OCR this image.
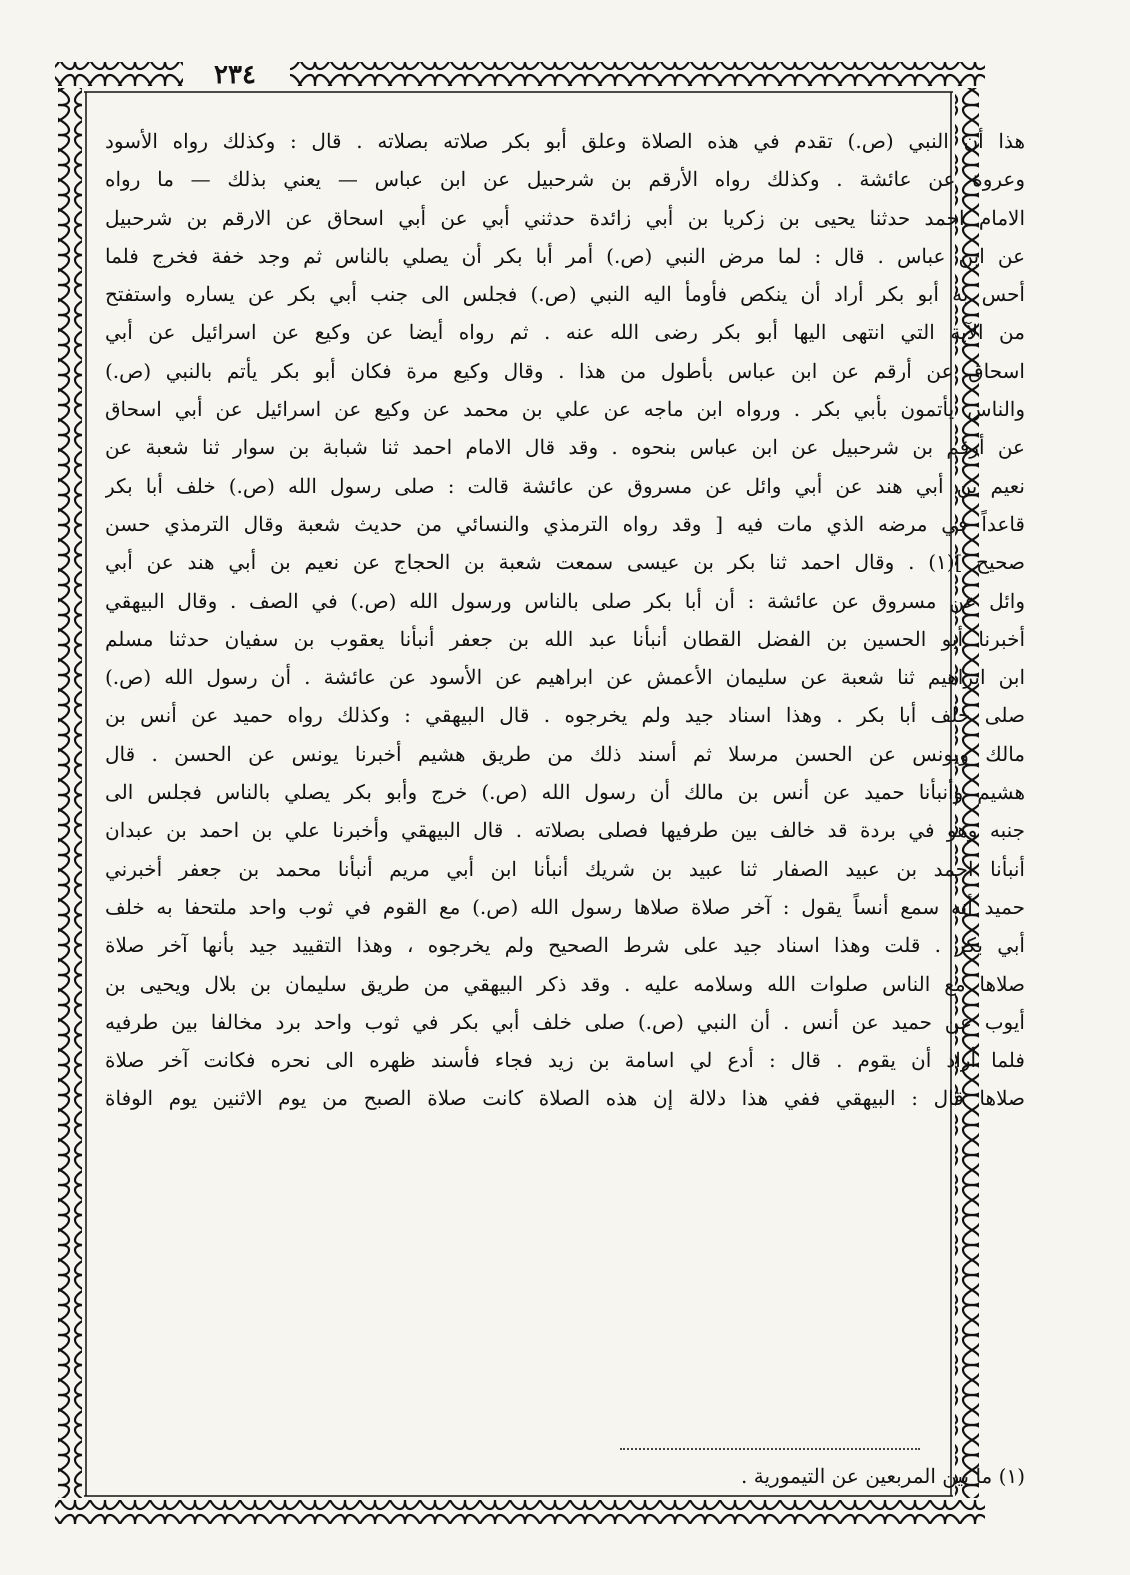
٢٣٤
هذا أن النبي (ص.) تقدم في هذه الصلاة وعلق أبو بكر صلاته بصلاته . قال : وكذلك رواه الأسود
وعروة عن عائشة . وكذلك رواه الأرقم بن شرحبيل عن ابن عباس — يعني بذلك — ما رواه
الامام احمد حدثنا يحيى بن زكريا بن أبي زائدة حدثني أبي عن أبي اسحاق عن الارقم بن شرحبيل
عن ابن عباس . قال : لما مرض النبي (ص.) أمر أبا بكر أن يصلي بالناس ثم وجد خفة فخرج فلما
أحس به أبو بكر أراد أن ينكص فأومأ اليه النبي (ص.) فجلس الى جنب أبي بكر عن يساره واستفتح
من الآية التي انتهى اليها أبو بكر رضى الله عنه . ثم رواه أيضا عن وكيع عن اسرائيل عن أبي
اسحاق عن أرقم عن ابن عباس بأطول من هذا . وقال وكيع مرة فكان أبو بكر يأتم بالنبي (ص.)
والناس يأتمون بأبي بكر . ورواه ابن ماجه عن علي بن محمد عن وكيع عن اسرائيل عن أبي اسحاق
عن أرقم بن شرحبيل عن ابن عباس بنحوه . وقد قال الامام احمد ثنا شبابة بن سوار ثنا شعبة عن
نعيم بن أبي هند عن أبي وائل عن مسروق عن عائشة قالت : صلى رسول الله (ص.) خلف أبا بكر
قاعداً في مرضه الذي مات فيه [ وقد رواه الترمذي والنسائي من حديث شعبة وقال الترمذي حسن
صحيح ](١) . وقال احمد ثنا بكر بن عيسى سمعت شعبة بن الحجاج عن نعيم بن أبي هند عن أبي
وائل عن مسروق عن عائشة : أن أبا بكر صلى بالناس ورسول الله (ص.) في الصف . وقال البيهقي
أخبرنا أبو الحسين بن الفضل القطان أنبأنا عبد الله بن جعفر أنبأنا يعقوب بن سفيان حدثنا مسلم
ابن ابراهيم ثنا شعبة عن سليمان الأعمش عن ابراهيم عن الأسود عن عائشة . أن رسول الله (ص.)
صلى خلف أبا بكر . وهذا اسناد جيد ولم يخرجوه . قال البيهقي : وكذلك رواه حميد عن أنس بن
مالك ويونس عن الحسن مرسلا ثم أسند ذلك من طريق هشيم أخبرنا يونس عن الحسن . قال
هشيم وأنبأنا حميد عن أنس بن مالك أن رسول الله (ص.) خرج وأبو بكر يصلي بالناس فجلس الى
جنبه وهو في بردة قد خالف بين طرفيها فصلى بصلاته . قال البيهقي وأخبرنا علي بن احمد بن عبدان
أنبأنا احمد بن عبيد الصفار ثنا عبيد بن شريك أنبأنا ابن أبي مريم أنبأنا محمد بن جعفر أخبرني
حميد أنه سمع أنساً يقول : آخر صلاة صلاها رسول الله (ص.) مع القوم في ثوب واحد ملتحفا به خلف
أبي بكر . قلت وهذا اسناد جيد على شرط الصحيح ولم يخرجوه ، وهذا التقييد جيد بأنها آخر صلاة
صلاها مع الناس صلوات الله وسلامه عليه . وقد ذكر البيهقي من طريق سليمان بن بلال ويحيى بن
أيوب عن حميد عن أنس . أن النبي (ص.) صلى خلف أبي بكر في ثوب واحد برد مخالفا بين طرفيه
فلما أراد أن يقوم . قال : أدع لي اسامة بن زيد فجاء فأسند ظهره الى نحره فكانت آخر صلاة
صلاها قال : البيهقي ففي هذا دلالة إن هذه الصلاة كانت صلاة الصبح من يوم الاثنين يوم الوفاة
(١) ما بين المربعين عن التيمورية .
